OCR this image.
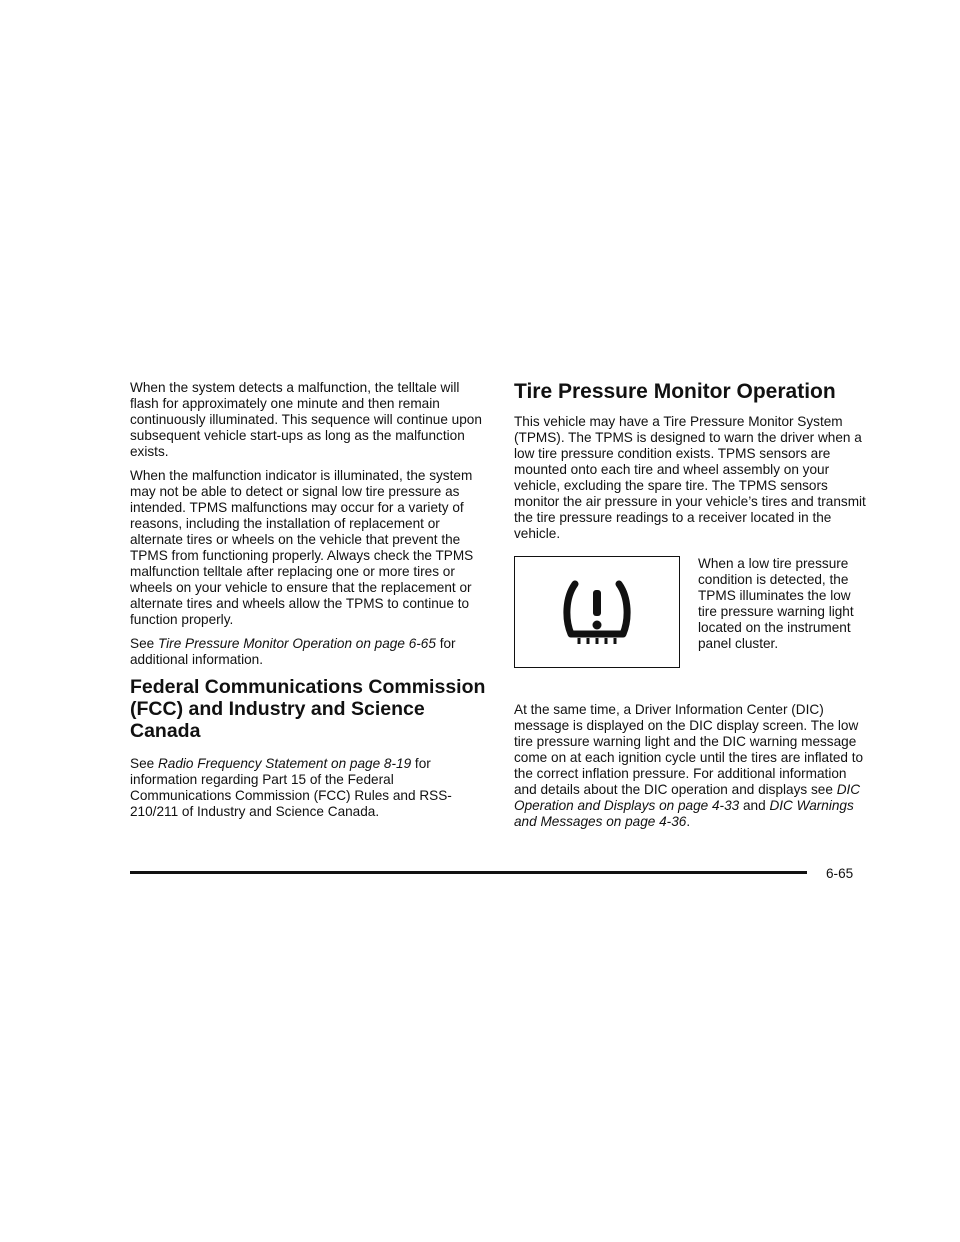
When the system detects a malfunction, the telltale will flash for approximately one minute and then remain continuously illuminated. This sequence will continue upon subsequent vehicle start-ups as long as the malfunction exists.

When the malfunction indicator is illuminated, the system may not be able to detect or signal low tire pressure as intended. TPMS malfunctions may occur for a variety of reasons, including the installation of replacement or alternate tires or wheels on the vehicle that prevent the TPMS from functioning properly. Always check the TPMS malfunction telltale after replacing one or more tires or wheels on your vehicle to ensure that the replacement or alternate tires and wheels allow the TPMS to continue to function properly.

See Tire Pressure Monitor Operation on page 6-65 for additional information.

Federal Communications Commission (FCC) and Industry and Science Canada

See Radio Frequency Statement on page 8-19 for information regarding Part 15 of the Federal Communications Commission (FCC) Rules and RSS-210/211 of Industry and Science Canada.

Tire Pressure Monitor Operation

This vehicle may have a Tire Pressure Monitor System (TPMS). The TPMS is designed to warn the driver when a low tire pressure condition exists. TPMS sensors are mounted onto each tire and wheel assembly on your vehicle, excluding the spare tire. The TPMS sensors monitor the air pressure in your vehicle’s tires and transmit the tire pressure readings to a receiver located in the vehicle.

When a low tire pressure condition is detected, the TPMS illuminates the low tire pressure warning light located on the instrument panel cluster.

At the same time, a Driver Information Center (DIC) message is displayed on the DIC display screen. The low tire pressure warning light and the DIC warning message come on at each ignition cycle until the tires are inflated to the correct inflation pressure. For additional information and details about the DIC operation and displays see DIC Operation and Displays on page 4-33 and DIC Warnings and Messages on page 4-36.

6-65
